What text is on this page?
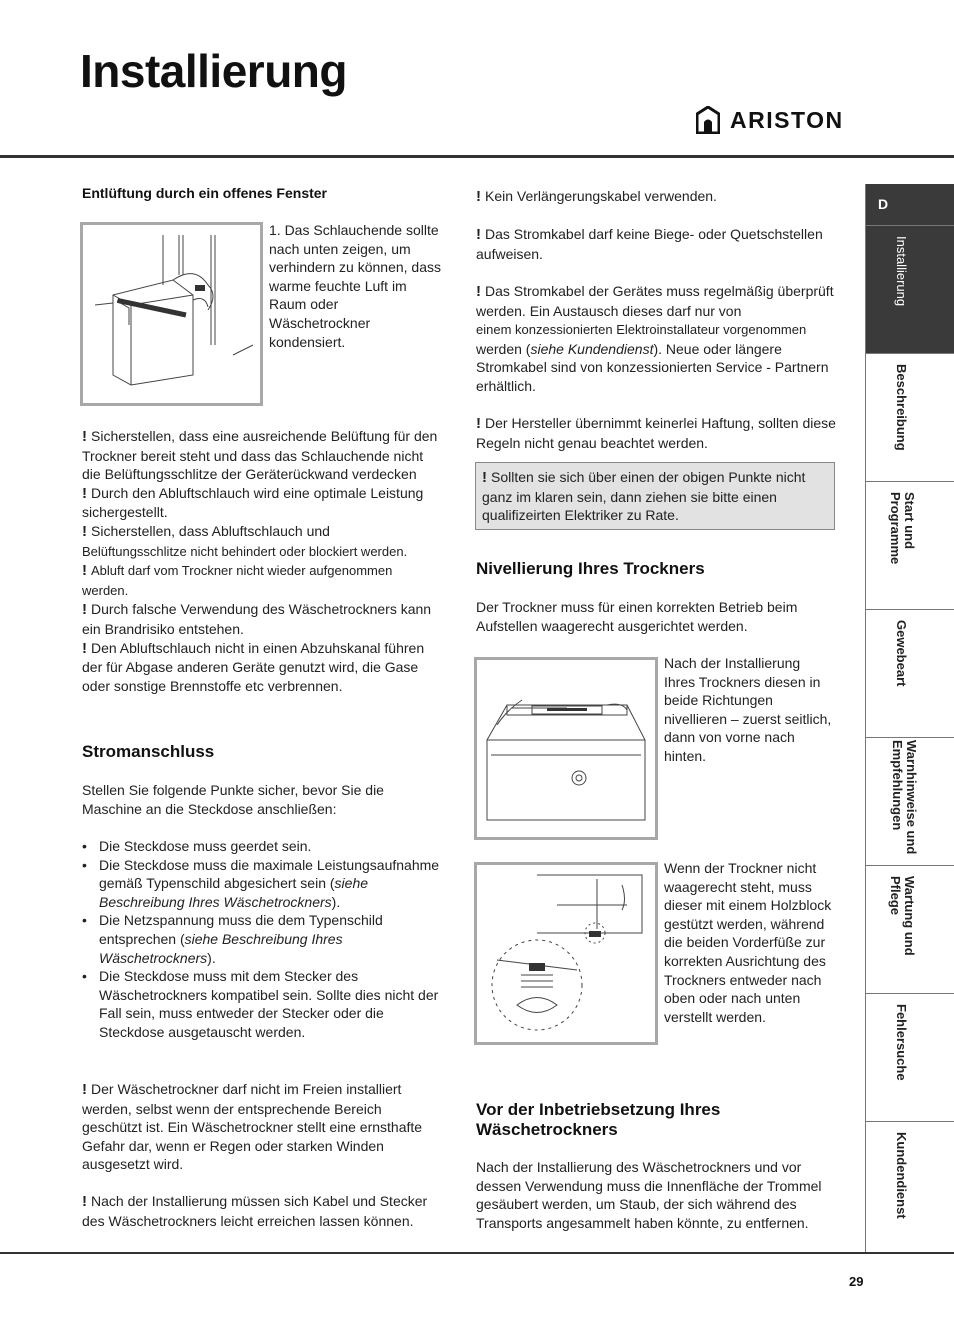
Installierung
ARISTON
Entlüftung durch ein offenes Fenster
1. Das Schlauchende sollte nach unten zeigen, um verhindern zu können, dass warme feuchte Luft im Raum oder Wäschetrockner kondensiert.
! Sicherstellen, dass eine ausreichende Belüftung für den Trockner bereit steht und dass das Schlauchende nicht die Belüftungsschlitze der Geräterückwand verdecken
! Durch den Abluftschlauch wird eine optimale Leistung sichergestellt.
! Sicherstellen, dass Abluftschlauch und
Belüftungsschlitze nicht behindert oder blockiert werden.
! Abluft darf vom Trockner nicht wieder aufgenommen werden.
! Durch falsche Verwendung des Wäschetrockners kann ein Brandrisiko entstehen.
! Den Abluftschlauch nicht in einen Abzuhskanal führen der für Abgase anderen Geräte genutzt wird, die Gase oder sonstige Brennstoffe etc verbrennen.
Stromanschluss
Stellen Sie folgende Punkte sicher, bevor Sie die Maschine an die Steckdose anschließen:
• Die Steckdose muss geerdet sein.
• Die Steckdose muss die maximale Leistungsaufnahme gemäß Typenschild abgesichert sein (siehe Beschreibung Ihres Wäschetrockners).
• Die Netzspannung muss die dem Typenschild entsprechen (siehe Beschreibung Ihres Wäschetrockners).
• Die Steckdose muss mit dem Stecker des Wäschetrockners kompatibel sein. Sollte dies nicht der Fall sein, muss entweder der Stecker oder die Steckdose ausgetauscht werden.
! Der Wäschetrockner darf nicht im Freien installiert werden, selbst wenn der entsprechende Bereich geschützt ist. Ein Wäschetrockner stellt eine ernsthafte Gefahr dar, wenn er Regen oder starken Winden ausgesetzt wird.
! Nach der Installierung müssen sich Kabel und Stecker des Wäschetrockners leicht erreichen lassen können.
! Kein Verlängerungskabel verwenden.
! Das Stromkabel darf keine Biege- oder Quetschstellen aufweisen.
! Das Stromkabel der Gerätes muss regelmäßig überprüft werden. Ein Austausch dieses darf nur von
einem konzessionierten Elektroinstallateur vorgenommen
werden (siehe Kundendienst). Neue oder längere Stromkabel sind von konzessionierten Service - Partnern erhältlich.
! Der Hersteller übernimmt keinerlei Haftung, sollten diese Regeln nicht genau beachtet werden.
! Sollten sie sich über einen der obigen Punkte nicht ganz im klaren sein, dann ziehen sie bitte einen qualifizeirten Elektriker zu Rate.
Nivellierung Ihres Trockners
Der Trockner muss für einen korrekten Betrieb beim Aufstellen waagerecht ausgerichtet werden.
Nach der Installierung Ihres Trockners diesen in beide Richtungen nivellieren – zuerst seitlich, dann von vorne nach hinten.
Wenn der Trockner nicht waagerecht steht, muss dieser mit einem Holzblock gestützt werden, während die beiden Vorderfüße zur korrekten Ausrichtung des Trockners entweder nach oben oder nach unten verstellt werden.
Vor der Inbetriebsetzung Ihres Wäschetrockners
Nach der Installierung des Wäschetrockners und vor dessen Verwendung muss die Innenfläche der Trommel gesäubert werden, um Staub, der sich während des Transports angesammelt haben könnte, zu entfernen.
D
Installierung
Beschreibung
Start und Programme
Gewebeart
Warnhinweise und Empfehlungen
Wartung und Pflege
Fehlersuche
Kundendienst
29
